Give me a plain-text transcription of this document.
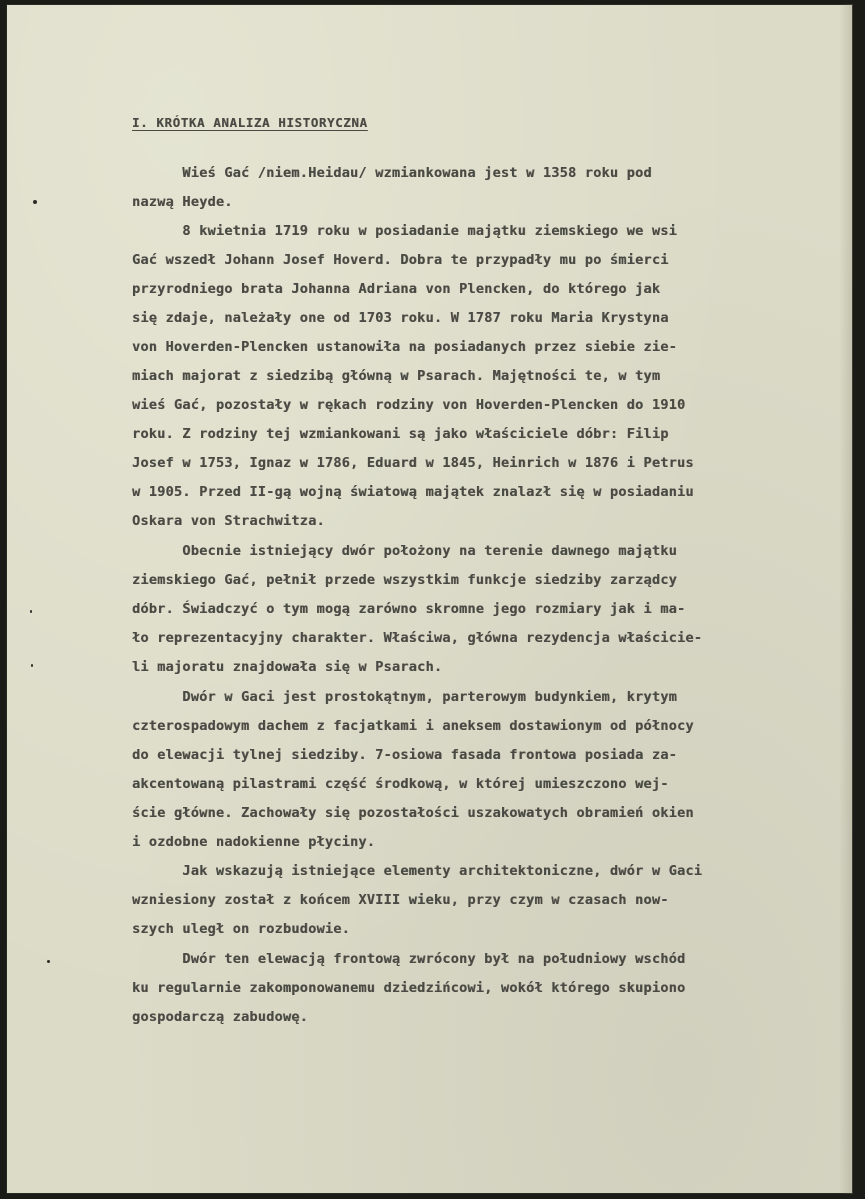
I. KRÓTKA ANALIZA HISTORYCZNA
Wieś Gać /niem.Heidau/ wzmiankowana jest w 1358 roku pod
nazwą Heyde.
8 kwietnia 1719 roku w posiadanie majątku ziemskiego we wsi
Gać wszedł Johann Josef Hoverd. Dobra te przypadły mu po śmierci
przyrodniego brata Johanna Adriana von Plencken, do którego jak
się zdaje, należały one od 1703 roku. W 1787 roku Maria Krystyna
von Hoverden-Plencken ustanowiła na posiadanych przez siebie zie-
miach majorat z siedzibą główną w Psarach. Majętności te, w tym
wieś Gać, pozostały w rękach rodziny von Hoverden-Plencken do 1910
roku. Z rodziny tej wzmiankowani są jako właściciele dóbr: Filip
Josef w 1753, Ignaz w 1786, Eduard w 1845, Heinrich w 1876 i Petrus
w 1905. Przed II-gą wojną światową majątek znalazł się w posiadaniu
Oskara von Strachwitza.
Obecnie istniejący dwór położony na terenie dawnego majątku
ziemskiego Gać, pełnił przede wszystkim funkcje siedziby zarządcy
dóbr. Świadczyć o tym mogą zarówno skromne jego rozmiary jak i ma-
ło reprezentacyjny charakter. Właściwa, główna rezydencja właściciе-
li majoratu znajdowała się w Psarach.
Dwór w Gaci jest prostokątnym, parterowym budynkiem, krytym
czterospadowym dachem z facjatkami i aneksem dostawionym od północy
do elewacji tylnej siedziby. 7-osiowa fasada frontowa posiada za-
akcentowaną pilastrami część środkową, w której umieszczono wej-
ście główne. Zachowały się pozostałości uszakowatych obramień okien
i ozdobne nadokienne płyciny.
Jak wskazują istniejące elementy architektoniczne, dwór w Gaci
wzniesiony został z końcem XVIII wieku, przy czym w czasach now-
szych uległ on rozbudowie.
Dwór ten elewacją frontową zwrócony był na południowy wschód
ku regularnie zakomponowanemu dziedzińcowi, wokół którego skupiono
gospodarczą zabudowę.
